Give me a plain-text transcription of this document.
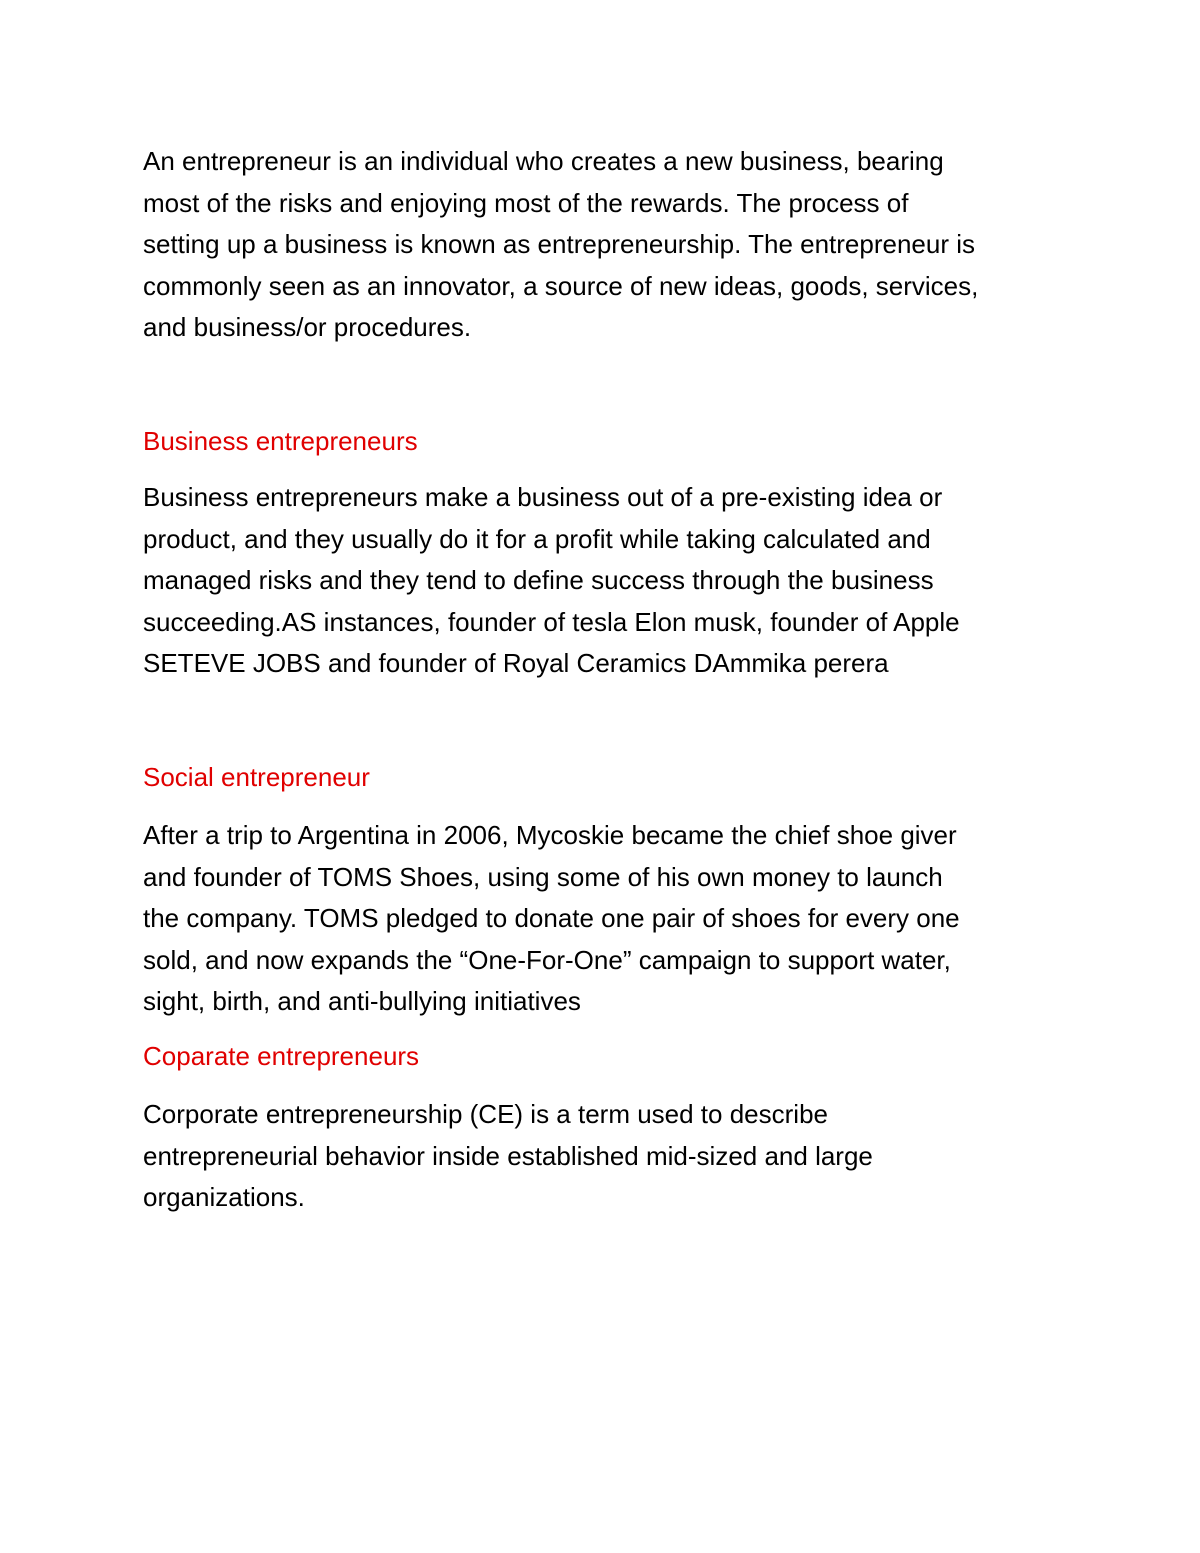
An entrepreneur is an individual who creates a new business, bearing
most of the risks and enjoying most of the rewards. The process of
setting up a business is known as entrepreneurship. The entrepreneur is
commonly seen as an innovator, a source of new ideas, goods, services,
and business/or procedures.

Business entrepreneurs

Business entrepreneurs make a business out of a pre-existing idea or
product, and they usually do it for a profit while taking calculated and
managed risks and they tend to define success through the business
succeeding.AS instances, founder of tesla Elon musk, founder of Apple
SETEVE JOBS and founder of Royal Ceramics DAmmika perera

Social entrepreneur

After a trip to Argentina in 2006, Mycoskie became the chief shoe giver
and founder of TOMS Shoes, using some of his own money to launch
the company. TOMS pledged to donate one pair of shoes for every one
sold, and now expands the “One-For-One” campaign to support water,
sight, birth, and anti-bullying initiatives

Coparate entrepreneurs

Corporate entrepreneurship (CE) is a term used to describe
entrepreneurial behavior inside established mid-sized and large
organizations.
